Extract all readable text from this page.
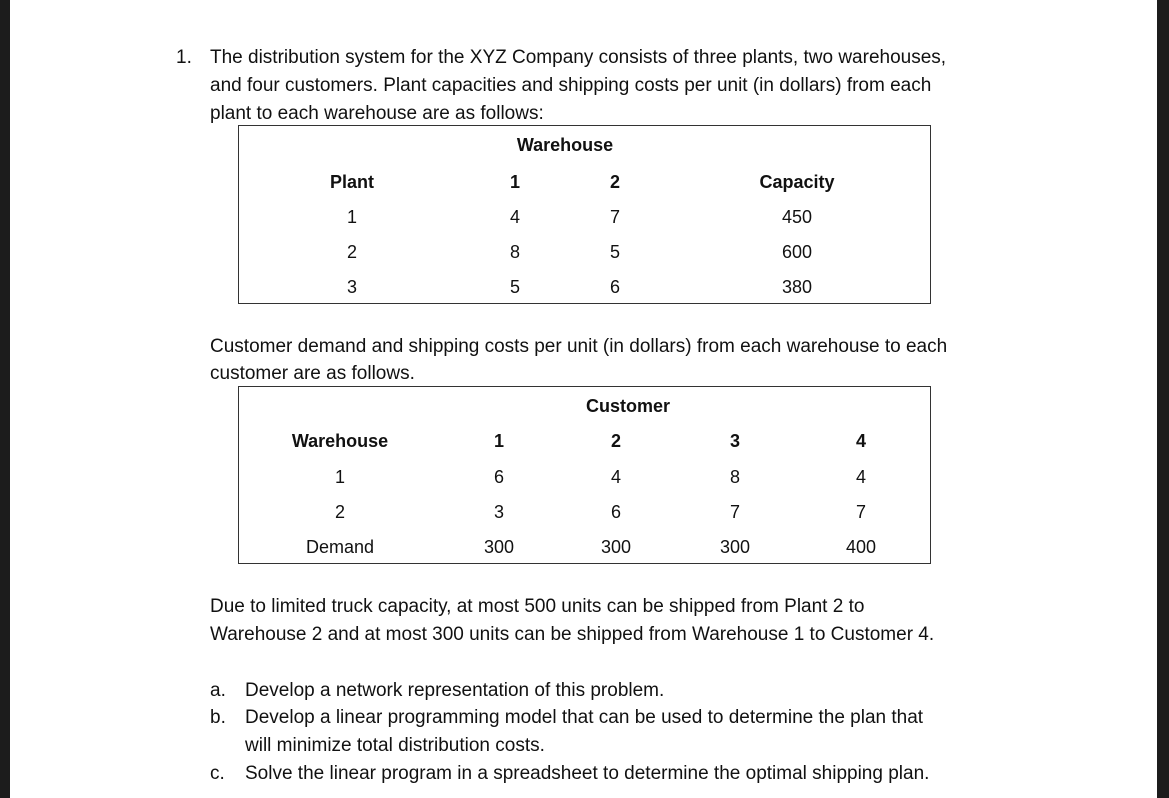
1. The distribution system for the XYZ Company consists of three plants, two warehouses,
and four customers. Plant capacities and shipping costs per unit (in dollars) from each
plant to each warehouse are as follows:
Warehouse
Plant	1	2	Capacity
1	4	7	450
2	8	5	600
3	5	6	380
Customer demand and shipping costs per unit (in dollars) from each warehouse to each
customer are as follows.
Customer
Warehouse	1	2	3	4
1	6	4	8	4
2	3	6	7	7
Demand	300	300	300	400
Due to limited truck capacity, at most 500 units can be shipped from Plant 2 to
Warehouse 2 and at most 300 units can be shipped from Warehouse 1 to Customer 4.
a. Develop a network representation of this problem.
b. Develop a linear programming model that can be used to determine the plan that
will minimize total distribution costs.
c. Solve the linear program in a spreadsheet to determine the optimal shipping plan.
